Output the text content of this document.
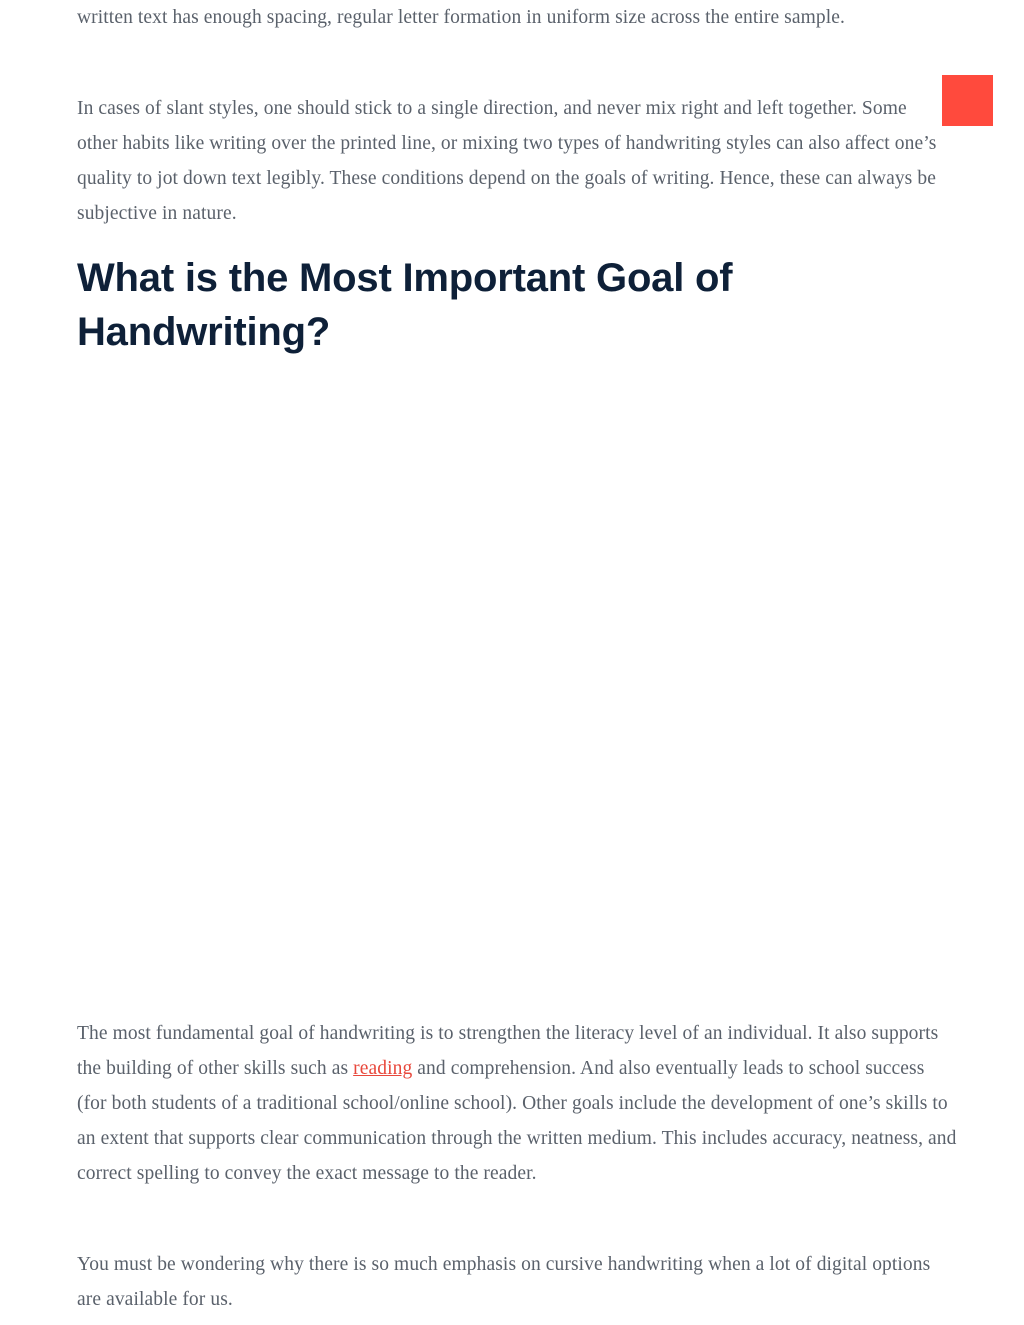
written text has enough spacing, regular letter formation in uniform size across the entire sample.

In cases of slant styles, one should stick to a single direction, and never mix right and left together. Some other habits like writing over the printed line, or mixing two types of handwriting styles can also affect one’s quality to jot down text legibly. These conditions depend on the goals of writing. Hence, these can always be subjective in nature.

What is the Most Important Goal of Handwriting?

The most fundamental goal of handwriting is to strengthen the literacy level of an individual. It also supports the building of other skills such as reading and comprehension. And also eventually leads to school success (for both students of a traditional school/online school). Other goals include the development of one’s skills to an extent that supports clear communication through the written medium. This includes accuracy, neatness, and correct spelling to convey the exact message to the reader.

You must be wondering why there is so much emphasis on cursive handwriting when a lot of digital options are available for us.
